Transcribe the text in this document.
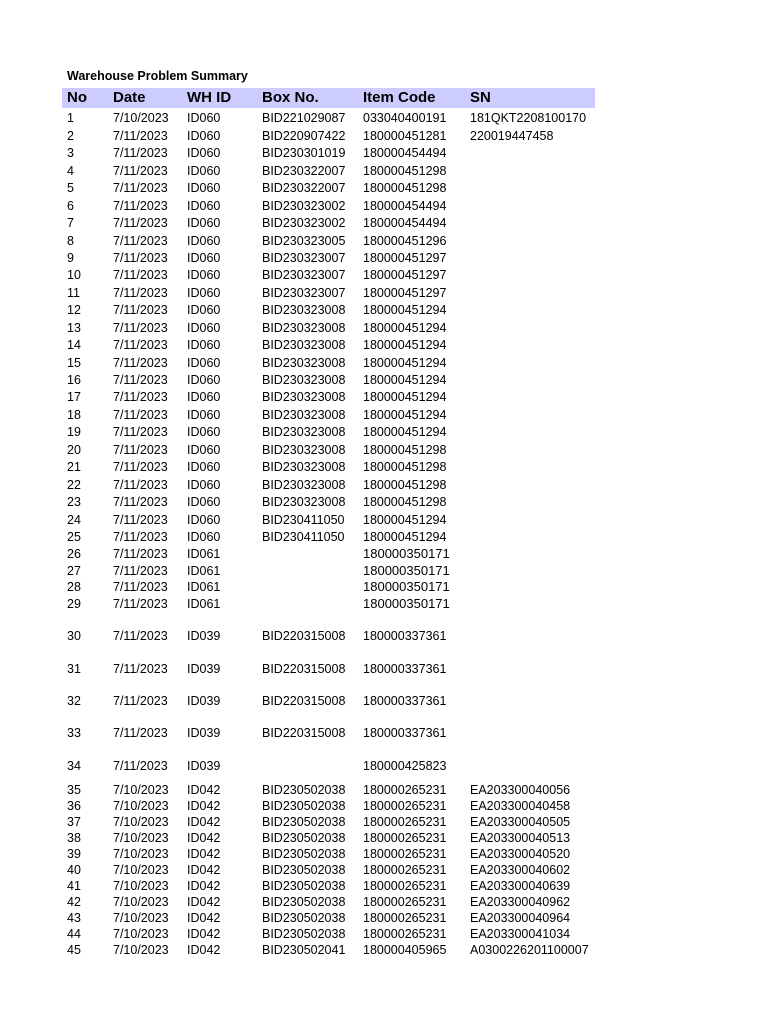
Warehouse Problem Summary
No	Date	WH ID	Box No.	Item Code	SN
1	7/10/2023	ID060	BID221029087	033040400191	181QKT2208100170
2	7/11/2023	ID060	BID220907422	180000451281	220019447458
3	7/11/2023	ID060	BID230301019	180000454494	
4	7/11/2023	ID060	BID230322007	180000451298	
5	7/11/2023	ID060	BID230322007	180000451298	
6	7/11/2023	ID060	BID230323002	180000454494	
7	7/11/2023	ID060	BID230323002	180000454494	
8	7/11/2023	ID060	BID230323005	180000451296	
9	7/11/2023	ID060	BID230323007	180000451297	
10	7/11/2023	ID060	BID230323007	180000451297	
11	7/11/2023	ID060	BID230323007	180000451297	
12	7/11/2023	ID060	BID230323008	180000451294	
13	7/11/2023	ID060	BID230323008	180000451294	
14	7/11/2023	ID060	BID230323008	180000451294	
15	7/11/2023	ID060	BID230323008	180000451294	
16	7/11/2023	ID060	BID230323008	180000451294	
17	7/11/2023	ID060	BID230323008	180000451294	
18	7/11/2023	ID060	BID230323008	180000451294	
19	7/11/2023	ID060	BID230323008	180000451294	
20	7/11/2023	ID060	BID230323008	180000451298	
21	7/11/2023	ID060	BID230323008	180000451298	
22	7/11/2023	ID060	BID230323008	180000451298	
23	7/11/2023	ID060	BID230323008	180000451298	
24	7/11/2023	ID060	BID230411050	180000451294	
25	7/11/2023	ID060	BID230411050	180000451294	
26	7/11/2023	ID061		180000350171	
27	7/11/2023	ID061		180000350171	
28	7/11/2023	ID061		180000350171	
29	7/11/2023	ID061		180000350171	
30	7/11/2023	ID039	BID220315008	180000337361	
31	7/11/2023	ID039	BID220315008	180000337361	
32	7/11/2023	ID039	BID220315008	180000337361	
33	7/11/2023	ID039	BID220315008	180000337361	
34	7/11/2023	ID039		180000425823	
35	7/10/2023	ID042	BID230502038	180000265231	EA203300040056
36	7/10/2023	ID042	BID230502038	180000265231	EA203300040458
37	7/10/2023	ID042	BID230502038	180000265231	EA203300040505
38	7/10/2023	ID042	BID230502038	180000265231	EA203300040513
39	7/10/2023	ID042	BID230502038	180000265231	EA203300040520
40	7/10/2023	ID042	BID230502038	180000265231	EA203300040602
41	7/10/2023	ID042	BID230502038	180000265231	EA203300040639
42	7/10/2023	ID042	BID230502038	180000265231	EA203300040962
43	7/10/2023	ID042	BID230502038	180000265231	EA203300040964
44	7/10/2023	ID042	BID230502038	180000265231	EA203300041034
45	7/10/2023	ID042	BID230502041	180000405965	A0300226201100007
